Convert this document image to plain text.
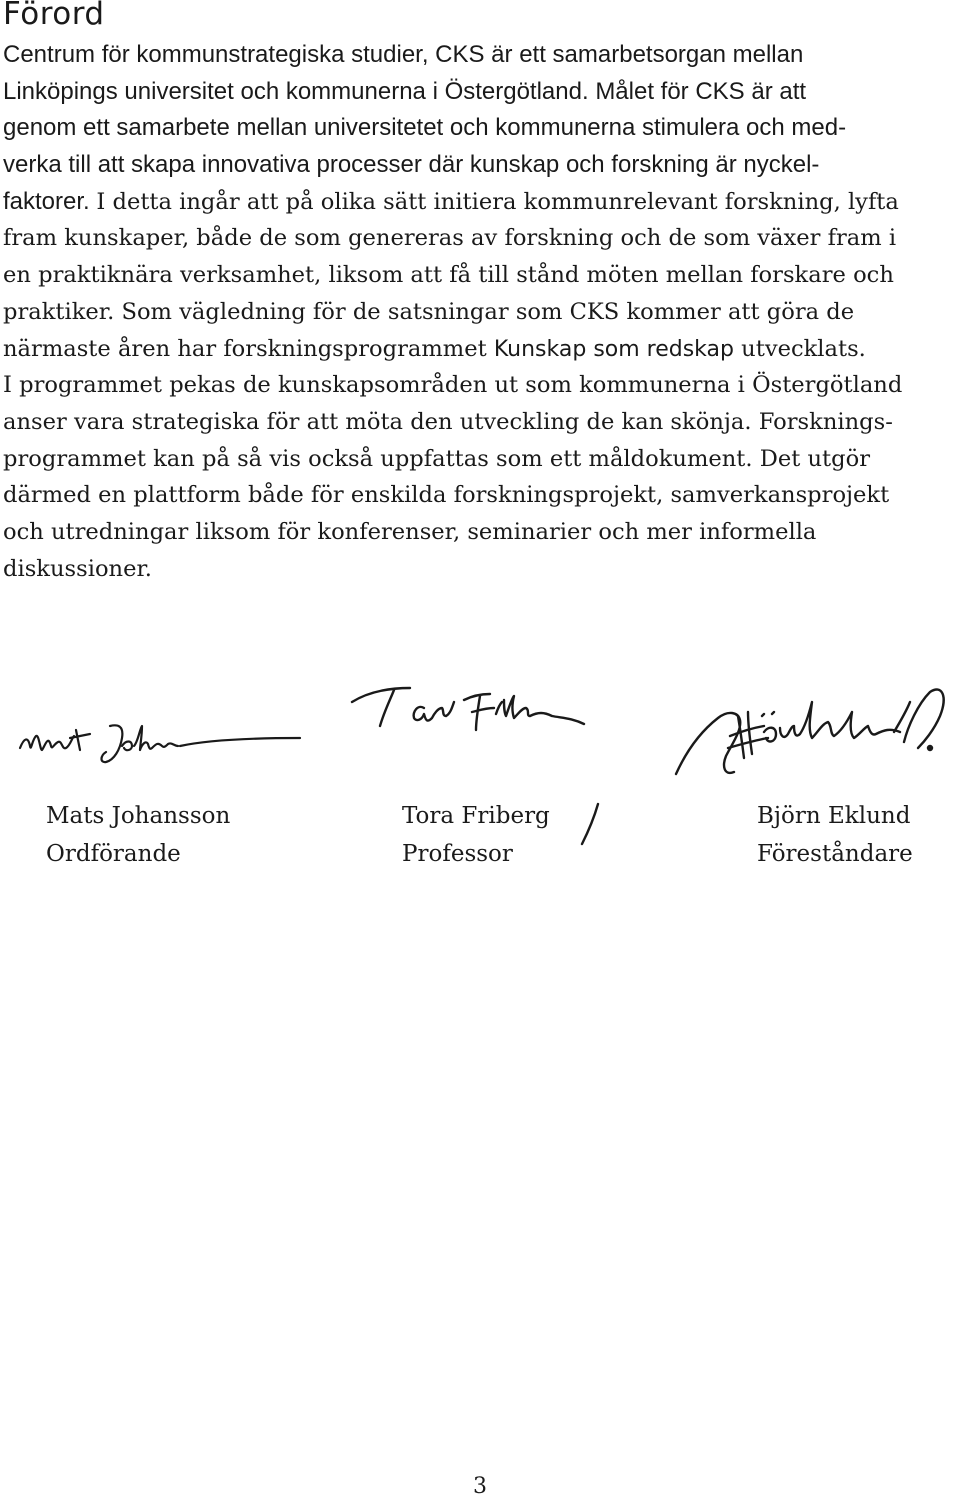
Förord
Centrum för kommunstrategiska studier, CKS är ett samarbetsorgan mellan
Linköpings universitet och kommunerna i Östergötland. Målet för CKS är att
genom ett samarbete mellan universitetet och kommunerna stimulera och med-
verka till att skapa innovativa processer där kunskap och forskning är nyckel-
faktorer. I detta ingår att på olika sätt initiera kommunrelevant forskning, lyfta
fram kunskaper, både de som genereras av forskning och de som växer fram i
en praktiknära verksamhet, liksom att få till stånd möten mellan forskare och
praktiker. Som vägledning för de satsningar som CKS kommer att göra de
närmaste åren har forskningsprogrammet Kunskap som redskap utvecklats.
I programmet pekas de kunskapsområden ut som kommunerna i Östergötland
anser vara strategiska för att möta den utveckling de kan skönja. Forsknings-
programmet kan på så vis också uppfattas som ett måldokument. Det utgör
därmed en plattform både för enskilda forskningsprojekt, samverkansprojekt
och utredningar liksom för konferenser, seminarier och mer informella
diskussioner.
Mats Johansson
Ordförande
Tora Friberg
Professor
Björn Eklund
Föreståndare
3
